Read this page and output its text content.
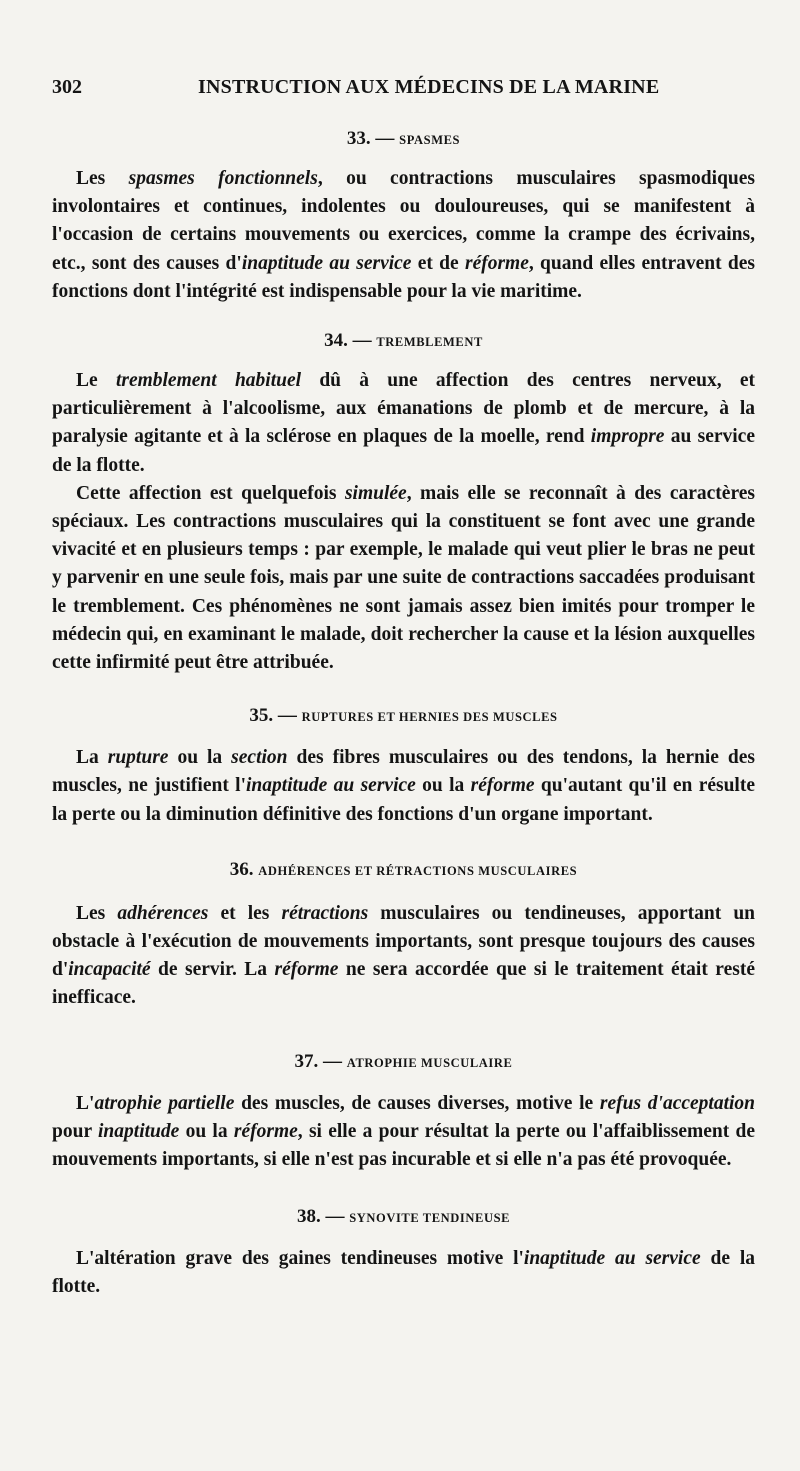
302	INSTRUCTION AUX MÉDECINS DE LA MARINE
33. — SPASMES

Les spasmes fonctionnels, ou contractions musculaires spasmodiques involontaires et continues, indolentes ou douloureuses, qui se manifestent à l'occasion de certains mouvements ou exercices, comme la crampe des écrivains, etc., sont des causes d'inaptitude au service et de réforme, quand elles entravent des fonctions dont l'intégrité est indispensable pour la vie maritime.

34. — TREMBLEMENT

Le tremblement habituel dû à une affection des centres nerveux, et particulièrement à l'alcoolisme, aux émanations de plomb et de mercure, à la paralysie agitante et à la sclérose en plaques de la moelle, rend impropre au service de la flotte.

Cette affection est quelquefois simulée, mais elle se reconnaît à des caractères spéciaux. Les contractions musculaires qui la constituent se font avec une grande vivacité et en plusieurs temps : par exemple, le malade qui veut plier le bras ne peut y parvenir en une seule fois, mais par une suite de contractions saccadées produisant le tremblement. Ces phénomènes ne sont jamais assez bien imités pour tromper le médecin qui, en examinant le malade, doit rechercher la cause et la lésion auxquelles cette infirmité peut être attribuée.

35. — RUPTURES ET HERNIES DES MUSCLES

La rupture ou la section des fibres musculaires ou des tendons, la hernie des muscles, ne justifient l'inaptitude au service ou la réforme qu'autant qu'il en résulte la perte ou la diminution définitive des fonctions d'un organe important.

36. ADHÉRENCES ET RÉTRACTIONS MUSCULAIRES

Les adhérences et les rétractions musculaires ou tendineuses, apportant un obstacle à l'exécution de mouvements importants, sont presque toujours des causes d'incapacité de servir. La réforme ne sera accordée que si le traitement était resté inefficace.

37. — ATROPHIE MUSCULAIRE

L'atrophie partielle des muscles, de causes diverses, motive le refus d'acceptation pour inaptitude ou la réforme, si elle a pour résultat la perte ou l'affaiblissement de mouvements importants, si elle n'est pas incurable et si elle n'a pas été provoquée.

38. — SYNOVITE TENDINEUSE

L'altération grave des gaines tendineuses motive l'inaptitude au service de la flotte.
